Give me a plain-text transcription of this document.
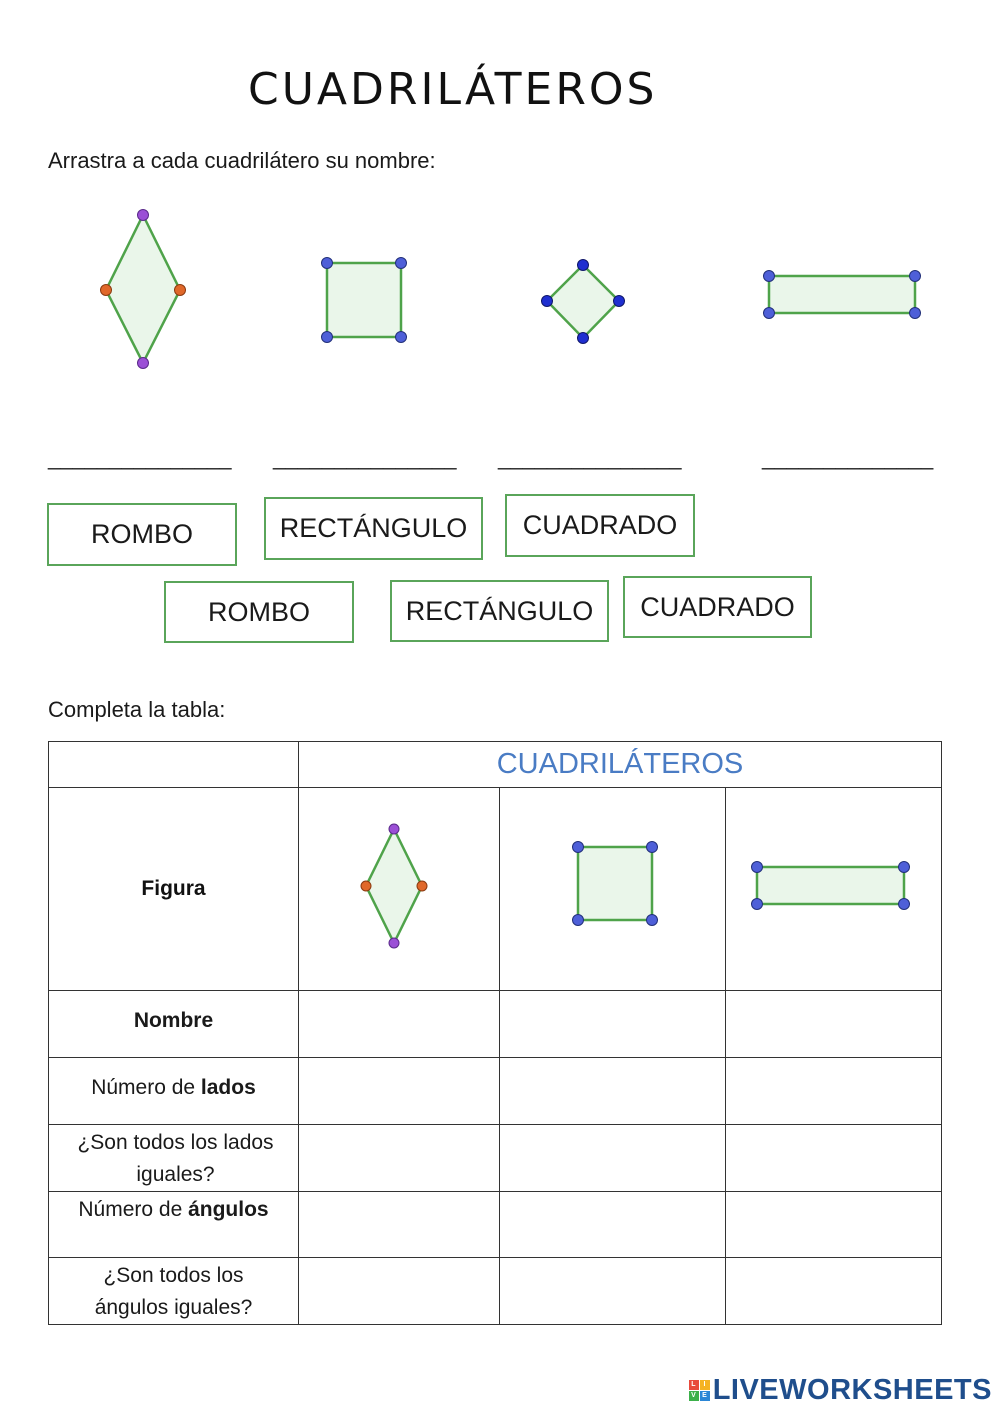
CUADRILÁTEROS
Arrastra a cada cuadrilátero su nombre:
_______________ _______________ _______________	______________
ROMBO	RECTÁNGULO	CUADRADO
ROMBO	RECTÁNGULO	CUADRADO
Completa la tabla:
	CUADRILÁTEROS		
Figura	

Nombre			
Número de lados			
¿Son todos los lados iguales?			
Número de ángulos			
¿Son todos los ángulos iguales?			
L	I
V E LIVEWORKSHEETS
